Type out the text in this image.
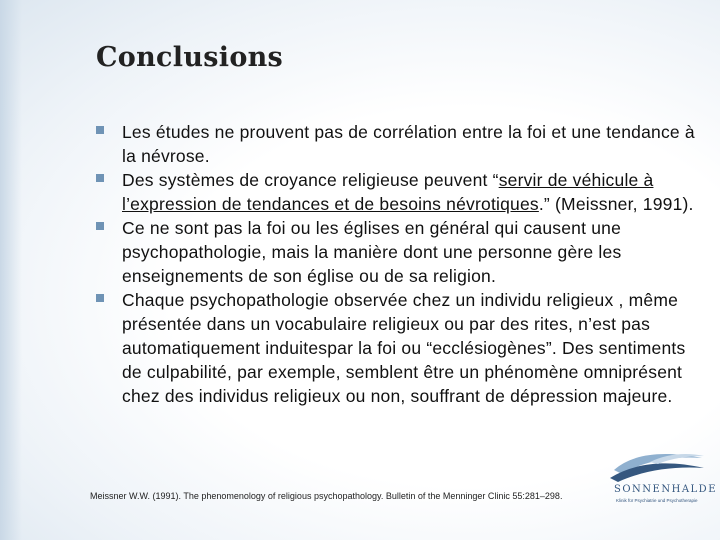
Conclusions
Les études ne prouvent pas de corrélation entre la foi et une tendance à la névrose.
Des systèmes de croyance religieuse peuvent “servir de véhicule à l’expression de tendances et de besoins névrotiques.” (Meissner, 1991).
Ce ne sont pas la foi ou les églises en général qui causent une psychopathologie, mais la manière dont une personne gère les enseignements de son église ou de sa religion.
Chaque psychopathologie observée chez un individu religieux , même présentée dans un vocabulaire religieux ou par des rites, n’est pas automatiquement induitespar la foi ou “ecclésiogènes”. Des sentiments de culpabilité, par exemple, semblent être un phénomène omniprésent chez des individus religieux ou non, souffrant de dépression majeure.
Meissner W.W. (1991). The phenomenology of religious psychopathology. Bulletin of the Menninger Clinic 55:281–298.
SONNENHALDE
Klinik für Psychiatrie und Psychotherapie
